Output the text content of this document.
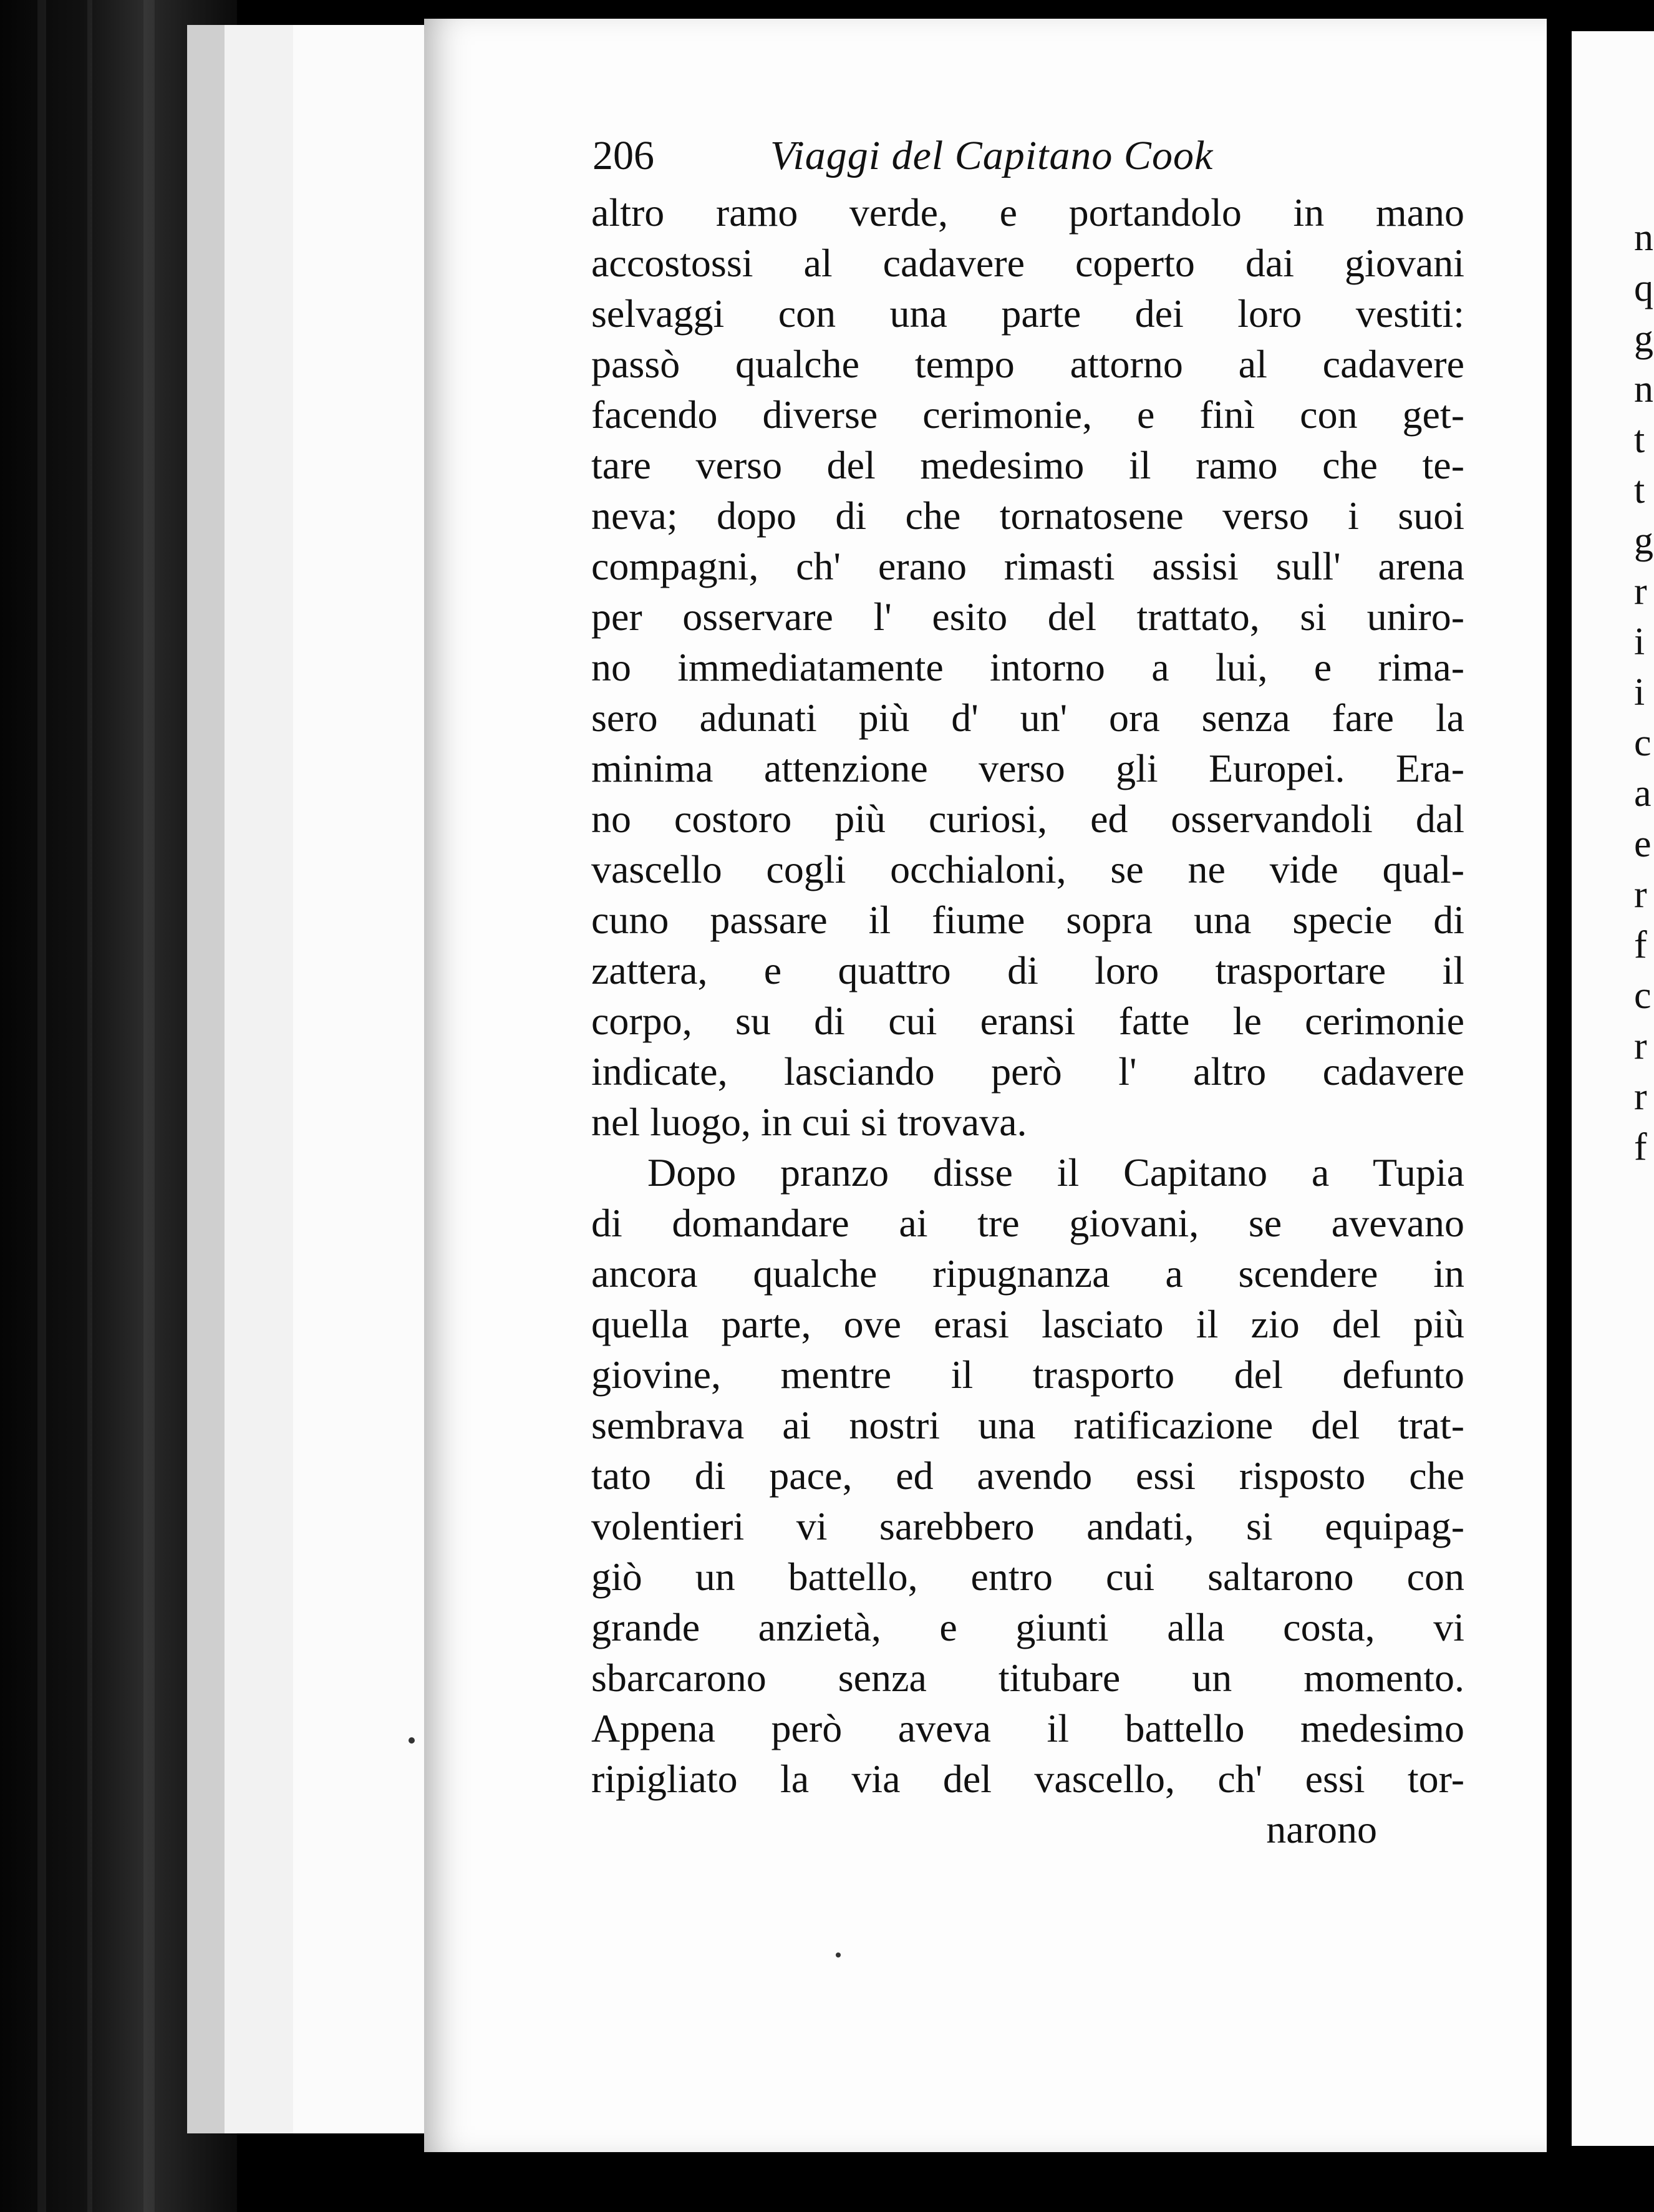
206	Viaggi del Capitano Cook
altro ramo verde, e portandolo in mano
accostossi al cadavere coperto dai giovani
selvaggi con una parte dei loro vestiti:
passò qualche tempo attorno al cadavere
facendo diverse cerimonie, e finì con get-
tare verso del medesimo il ramo che te-
neva; dopo di che tornatosene verso i suoi
compagni, ch' erano rimasti assisi sull' arena
per osservare l' esito del trattato, si uniro-
no immediatamente intorno a lui, e rima-
sero adunati più d' un' ora senza fare la
minima attenzione verso gli Europei. Era-
no costoro più curiosi, ed osservandoli dal
vascello cogli occhialoni, se ne vide qual-
cuno passare il fiume sopra una specie di
zattera, e quattro di loro trasportare il
corpo, su di cui eransi fatte le cerimonie
indicate, lasciando però l' altro cadavere
nel luogo, in cui si trovava.
Dopo pranzo disse il Capitano a Tupia
di domandare ai tre giovani, se avevano
ancora qualche ripugnanza a scendere in
quella parte, ove erasi lasciato il zio del più
giovine, mentre il trasporto del defunto
sembrava ai nostri una ratificazione del trat-
tato di pace, ed avendo essi risposto che
volentieri vi sarebbero andati, si equipag-
giò un battello, entro cui saltarono con
grande anzietà, e giunti alla costa, vi
sbarcarono senza titubare un momento.
Appena però aveva il battello medesimo
ripigliato la via del vascello, ch' essi tor-
narono
n
q
g
n
t
t
g
r
i
i
c
a
e
r
f
c
r
r
f
